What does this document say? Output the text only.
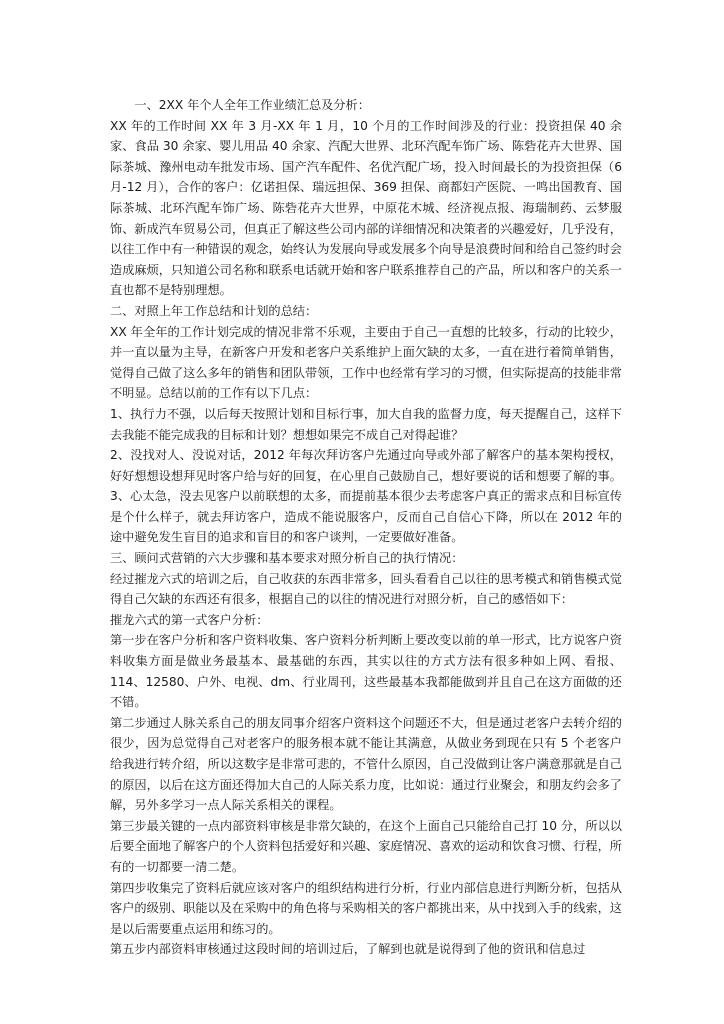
一、2XX 年个人全年工作业绩汇总及分析：

XX 年的工作时间 XX 年 3 月-XX 年 1 月，10 个月的工作时间涉及的行业：投资担保 40 余家、食品 30 余家、婴儿用品 40 余家、汽配大世界、北环汽配车饰广场、陈砦花卉大世界、国际茶城、豫州电动车批发市场、国产汽车配件、名优汽配广场，投入时间最长的为投资担保（6月-12 月），合作的客户：亿诺担保、瑞远担保、369 担保、商都妇产医院、一鸣出国教育、国际茶城、北环汽配车饰广场、陈砦花卉大世界，中原花木城、经济视点报、海瑞制药、云梦服饰、新成汽车贸易公司，但真正了解这些公司内部的详细情况和决策者的兴趣爱好，几乎没有，以往工作中有一种错误的观念，始终认为发展向导或发展多个向导是浪费时间和给自己签约时会造成麻烦，只知道公司名称和联系电话就开始和客户联系推荐自己的产品，所以和客户的关系一直也都不是特别理想。

二、对照上年工作总结和计划的总结：

XX 年全年的工作计划完成的情况非常不乐观，主要由于自己一直想的比较多，行动的比较少，并一直以量为主导，在新客户开发和老客户关系维护上面欠缺的太多，一直在进行着简单销售，觉得自己做了这么多年的销售和团队带领，工作中也经常有学习的习惯，但实际提高的技能非常不明显。总结以前的工作有以下几点：

1、执行力不强，以后每天按照计划和目标行事，加大自我的监督力度，每天提醒自己，这样下去我能不能完成我的目标和计划？想想如果完不成自己对得起谁？

2、没找对人、没说对话，2012 年每次拜访客户先通过向导或外部了解客户的基本架构授权，好好想想设想拜见时客户给与好的回复，在心里自己鼓励自己，想好要说的话和想要了解的事。

3、心太急，没去见客户以前联想的太多，而提前基本很少去考虑客户真正的需求点和目标宣传是个什么样子，就去拜访客户，造成不能说服客户，反而自己自信心下降，所以在 2012 年的途中避免发生盲目的追求和盲目的和客户谈判，一定要做好准备。

三、顾问式营销的六大步骤和基本要求对照分析自己的执行情况：

经过摧龙六式的培训之后，自己收获的东西非常多，回头看看自己以往的思考模式和销售模式觉得自己欠缺的东西还有很多，根据自己的以往的情况进行对照分析，自己的感悟如下：

摧龙六式的第一式客户分析：

第一步在客户分析和客户资料收集、客户资料分析判断上要改变以前的单一形式，比方说客户资料收集方面是做业务最基本、最基础的东西，其实以往的方式方法有很多种如上网、看报、114、12580、户外、电视、dm、行业周刊，这些最基本我都能做到并且自己在这方面做的还不错。

第二步通过人脉关系自己的朋友同事介绍客户资料这个问题还不大，但是通过老客户去转介绍的很少，因为总觉得自己对老客户的服务根本就不能让其满意，从做业务到现在只有 5 个老客户给我进行转介绍，所以这数字是非常可悲的，不管什么原因，自己没做到让客户满意那就是自己的原因，以后在这方面还得加大自己的人际关系力度，比如说：通过行业聚会，和朋友约会多了解，另外多学习一点人际关系相关的课程。

第三步最关键的一点内部资料审核是非常欠缺的，在这个上面自己只能给自己打 10 分，所以以后要全面地了解客户的个人资料包括爱好和兴趣、家庭情况、喜欢的运动和饮食习惯、行程，所有的一切都要一清二楚。

第四步收集完了资料后就应该对客户的组织结构进行分析，行业内部信息进行判断分析，包括从客户的级别、职能以及在采购中的角色将与采购相关的客户都挑出来，从中找到入手的线索，这是以后需要重点运用和练习的。

第五步内部资料审核通过这段时间的培训过后，了解到也就是说得到了他的资讯和信息过
